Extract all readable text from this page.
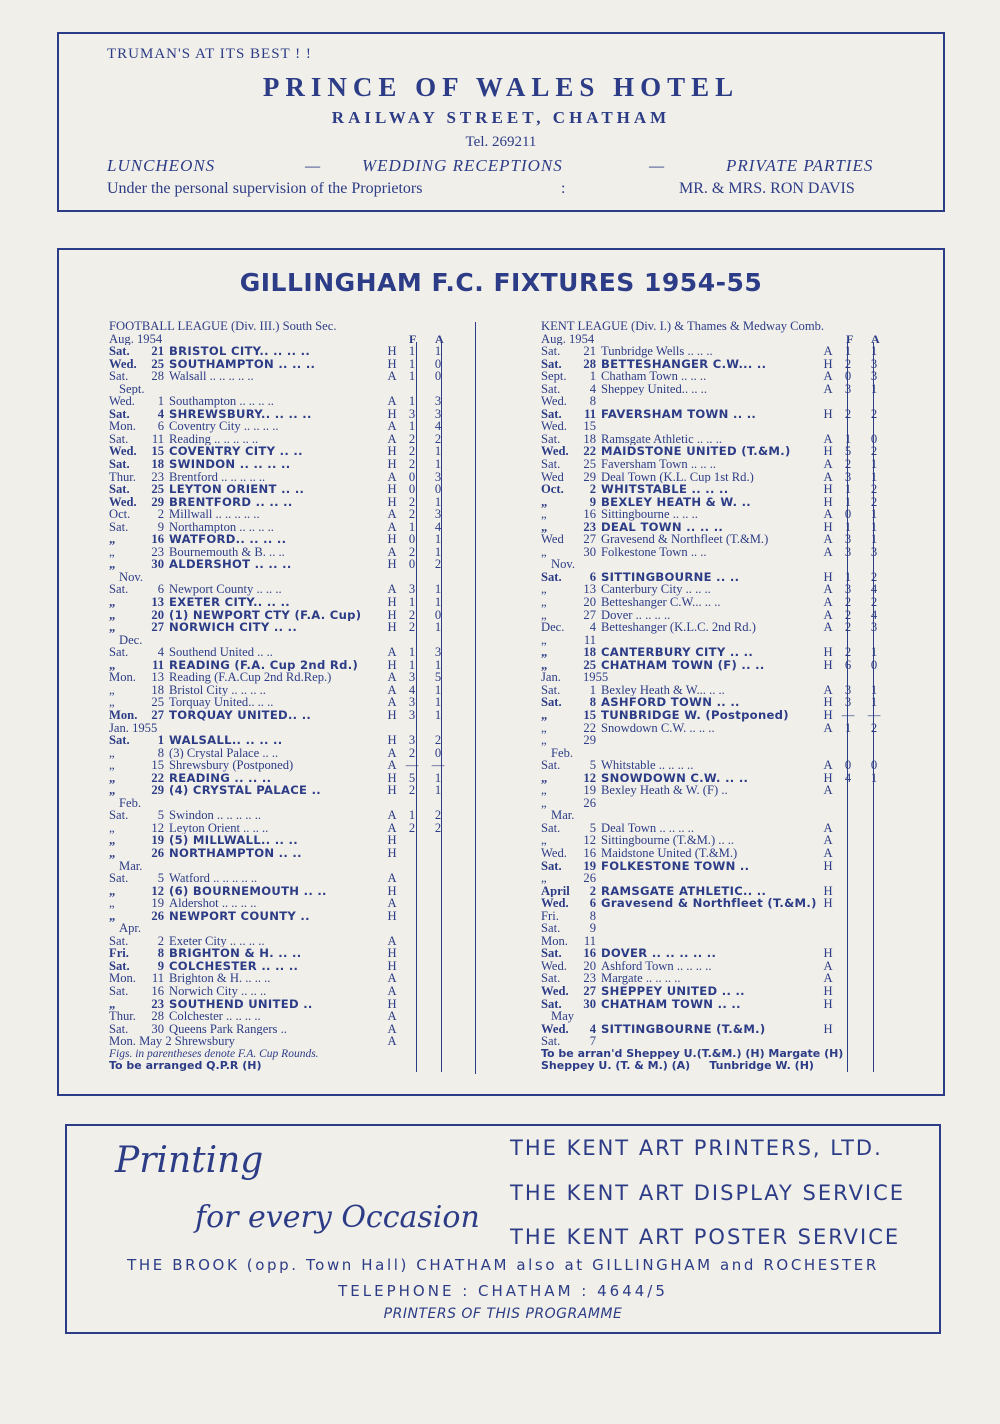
TRUMAN'S AT ITS BEST ! !
PRINCE OF WALES HOTEL
RAILWAY STREET, CHATHAM
Tel. 269211
LUNCHEONS	— WEDDING RECEPTIONS	—	PRIVATE PARTIES
Under the personal supervision of the Proprietors	:	MR. & MRS. RON DAVIS
GILLINGHAM F.C. FIXTURES 1954-55
FOOTBALL LEAGUE (Div. III.) South Sec.
F A
Aug. 1954
Sat.	21 BRISTOL CITY.. .. .. ..	H 1	1
Wed.	25 SOUTHAMPTON .. .. ..	H 1	0
Sat.	28 Walsall .. .. .. .. ..	A 1	0
Sept.
Wed.	1 Southampton .. .. .. ..	A 1	3
Sat.	4 SHREWSBURY.. .. .. ..	H 3	3
Mon.	6 Coventry City .. .. .. ..	A 1	4
Sat.	11 Reading .. .. .. .. ..	A 2	2
Wed.	15 COVENTRY CITY .. ..	H 2	1
Sat.	18 SWINDON .. .. .. ..	H 2	1
Thur.	23 Brentford .. .. .. .. ..	A 0	3
Sat.	25 LEYTON ORIENT .. ..	H 0	0
Wed.	29 BRENTFORD .. .. ..	H 2	1
Oct.	2 Millwall .. .. .. .. ..	A 2	3
Sat.	9 Northampton .. .. .. ..	A 1	4
„	16 WATFORD.. .. .. ..	H 0	1
„	23 Bournemouth & B. .. ..	A 2	1
„	30 ALDERSHOT .. .. ..	H 0	2
Nov.
Sat.	6 Newport County .. .. ..	A 3	1
„	13 EXETER CITY.. .. ..	H 1	1
„	20 (1) NEWPORT CTY (F.A. Cup)	H 2	0
„	27 NORWICH CITY .. ..	H 2	1
Dec.
Sat.	4 Southend United .. ..	A 1	3
„	11 READING (F.A. Cup 2nd Rd.)	H 1	1
Mon.	13 Reading (F.A.Cup 2nd Rd.Rep.)	A 3	5
„	18 Bristol City .. .. .. ..	A 4	1
„	25 Torquay United.. .. ..	A 3	1
Mon.	27 TORQUAY UNITED.. ..	H 3	1
Jan. 1955
Sat.	1 WALSALL.. .. .. ..	H 3	2
„	8 (3) Crystal Palace .. ..	A 2	0
„	15 Shrewsbury (Postponed)	A —	—
„	22 READING .. .. ..	H 5	1
„	29 (4) CRYSTAL PALACE ..	H 2	1
Feb.
Sat.	5 Swindon .. .. .. .. ..	A 1	2
„	12 Leyton Orient .. .. ..	A 2	2
„	19 (5) MILLWALL.. .. ..	H
„	26 NORTHAMPTON .. ..	H
Mar.
Sat.	5 Watford .. .. .. .. ..	A
„	12 (6) BOURNEMOUTH .. ..	H
„	19 Aldershot .. .. .. ..	A
„	26 NEWPORT COUNTY ..	H
Apr.
Sat.	2 Exeter City .. .. .. ..	A
Fri.	8 BRIGHTON & H. .. ..	H
Sat.	9 COLCHESTER .. .. ..	H
Mon.	11 Brighton & H. .. .. ..	A
Sat.	16 Norwich City .. .. ..	A
„	23 SOUTHEND UNITED ..	H
Thur.	28 Colchester .. .. .. ..	A
Sat.	30 Queens Park Rangers ..	A
Mon. May 2 Shrewsbury	A
Figs. in parentheses denote F.A. Cup Rounds.
To be arranged Q.P.R (H)
KENT LEAGUE (Div. I.) & Thames & Medway Comb.
F A
Aug. 1954
Sat.	21 Tunbridge Wells .. .. ..	A 1	1
Sat.	28 BETTESHANGER C.W... ..	H 2	3
Sept.	1 Chatham Town .. .. ..	A 0	3
Sat.	4 Sheppey United.. .. ..	A 3	1
Wed.	8
Sat.	11 FAVERSHAM TOWN .. ..	H 2	2
Wed.	15
Sat.	18 Ramsgate Athletic .. .. ..	A 1	0
Wed.	22 MAIDSTONE UNITED (T.&M.)	H 5	2
Sat.	25 Faversham Town .. .. ..	A 2	1
Wed	29 Deal Town (K.L. Cup 1st Rd.)	A 3	1
Oct.	2 WHITSTABLE .. .. ..	H 1	2
„	9 BEXLEY HEATH & W. ..	H 1	2
„	16 Sittingbourne .. .. ..	A 0	1
„	23 DEAL TOWN .. .. ..	H 1	1
Wed	27 Gravesend & Northfleet (T.&M.)	A 3	1
„	30 Folkestone Town .. ..	A 3	3
Nov.
Sat.	6 SITTINGBOURNE .. ..	H 1	2
„	13 Canterbury City .. .. ..	A 3	4
„	20 Betteshanger C.W... .. ..	A 2	2
„	27 Dover .. .. .. ..	A 2	4
Dec.	4 Betteshanger (K.L.C. 2nd Rd.)	A 2	3
„	11
„	18 CANTERBURY CITY .. ..	H 2	1
„	25 CHATHAM TOWN (F) .. ..	H 6	0
Jan.	1955
Sat.	1 Bexley Heath & W... .. ..	A 3	1
Sat.	8 ASHFORD TOWN .. ..	H 3	1
„	15 TUNBRIDGE W. (Postponed)	H —	—
„	22 Snowdown C.W. .. .. ..	A 1	2
„	29
Feb.
Sat.	5 Whitstable .. .. .. ..	A 0	0
„	12 SNOWDOWN C.W. .. ..	H 4	1
„	19 Bexley Heath & W. (F) ..	A
„	26
Mar.
Sat.	5 Deal Town .. .. .. ..	A
„	12 Sittingbourne (T.&M.) .. ..	A
Wed.	16 Maidstone United (T.&M.)	A
Sat.	19 FOLKESTONE TOWN ..	H
„	26
April	2 RAMSGATE ATHLETIC.. ..	H
Wed.	6 Gravesend & Northfleet (T.&M.) H
Fri.	8
Sat.	9
Mon.	11
Sat.	16 DOVER .. .. .. .. ..	H
Wed.	20 Ashford Town .. .. .. ..	A
Sat.	23 Margate .. .. .. ..	A
Wed.	27 SHEPPEY UNITED .. ..	H
Sat.	30 CHATHAM TOWN .. ..	H
May
Wed.	4 SITTINGBOURNE (T.&M.)	H
Sat.	7
To be arran'd Sheppey U.(T.&M.) (H) Margate (H)
Sheppey U. (T. & M.) (A)     Tunbridge W. (H)
Printing
for every Occasion
THE KENT ART PRINTERS, LTD.
THE KENT ART DISPLAY SERVICE
THE KENT ART POSTER SERVICE
THE BROOK (opp. Town Hall) CHATHAM also at GILLINGHAM and ROCHESTER
TELEPHONE : CHATHAM : 4644/5
PRINTERS OF THIS PROGRAMME
